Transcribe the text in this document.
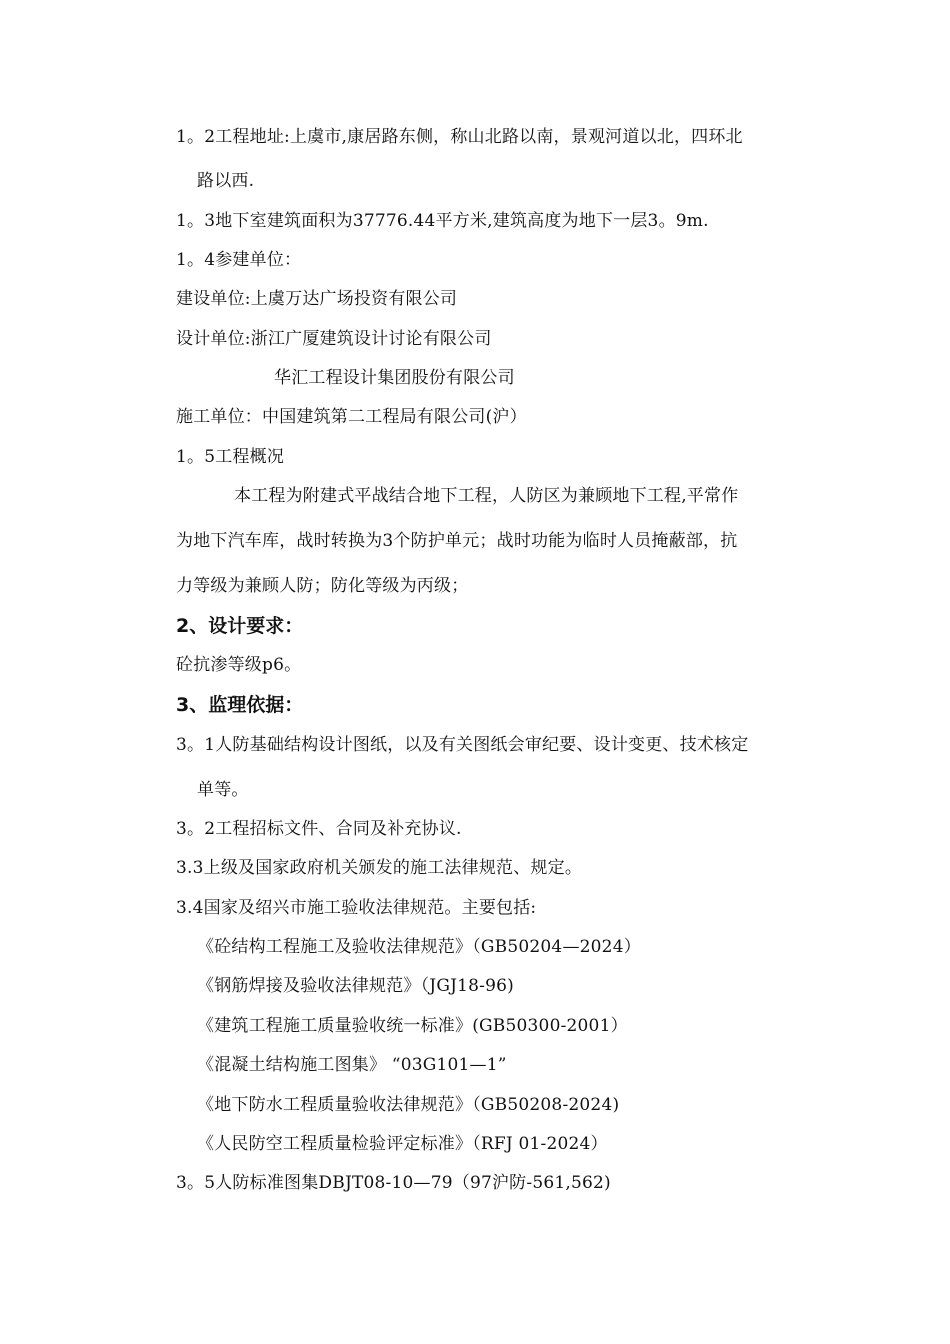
1。2工程地址:上虞市,康居路东侧，称山北路以南，景观河道以北，四环北
路以西.
1。3地下室建筑面积为37776.44平方米,建筑高度为地下一层3。9m.
1。4参建单位：
建设单位:上虞万达广场投资有限公司
设计单位:浙江广厦建筑设计讨论有限公司
华汇工程设计集团股份有限公司
施工单位：中国建筑第二工程局有限公司(沪）
1。5工程概况
本工程为附建式平战结合地下工程，人防区为兼顾地下工程,平常作
为地下汽车库，战时转换为3个防护单元；战时功能为临时人员掩蔽部，抗
力等级为兼顾人防；防化等级为丙级；
2、设计要求：
砼抗渗等级p6。
3、监理依据：
3。1人防基础结构设计图纸，以及有关图纸会审纪要、设计变更、技术核定
单等。
3。2工程招标文件、合同及补充协议.
3.3上级及国家政府机关颁发的施工法律规范、规定。
3.4国家及绍兴市施工验收法律规范。主要包括:
《砼结构工程施工及验收法律规范》（GB50204—2024）
《钢筋焊接及验收法律规范》（JGJ18-96)
《建筑工程施工质量验收统一标准》(GB50300-2001）
《混凝土结构施工图集》 “03G101—1”
《地下防水工程质量验收法律规范》（GB50208-2024)
《人民防空工程质量检验评定标准》（RFJ 01-2024）
3。5人防标准图集DBJT08-10—79（97沪防-561,562)
